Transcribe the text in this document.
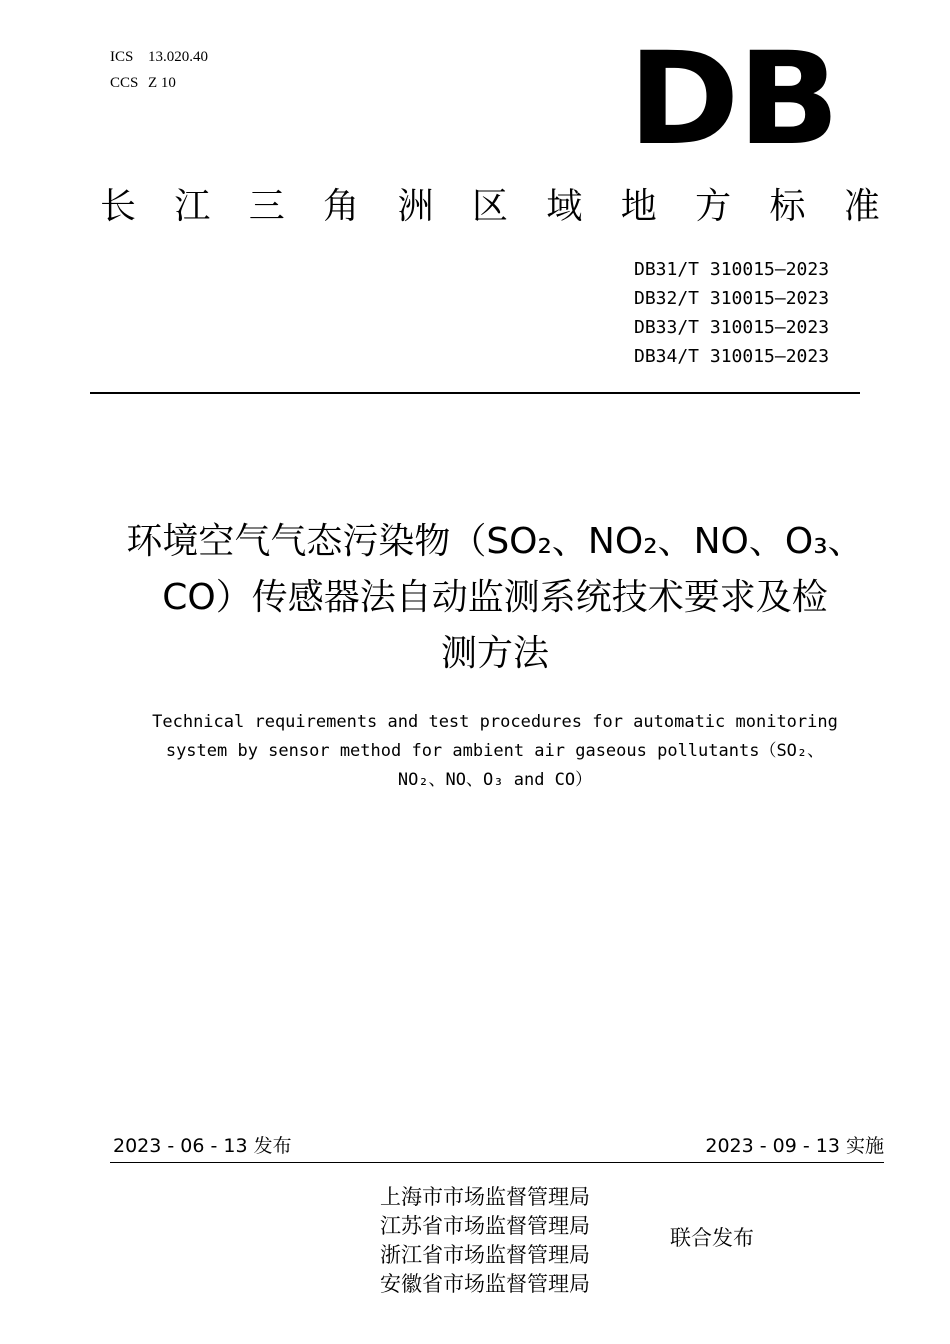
ICS 13.020.40
CCS Z 10	DB
长 江 三 角 洲 区 域 地 方 标 准
DB31/T 310015—2023
DB32/T 310015—2023
DB33/T 310015—2023
DB34/T 310015—2023
环境空气气态污染物（SO₂、NO₂、NO、O₃、
CO）传感器法自动监测系统技术要求及检
测方法
Technical requirements and test procedures for automatic monitoring
system by sensor method for ambient air gaseous pollutants（SO₂、
NO₂、NO、O₃ and CO）
2023 - 06 - 13 发布	2023 - 09 - 13 实施
上海市市场监督管理局
江苏省市场监督管理局
浙江省市场监督管理局
安徽省市场监督管理局
联合发布
